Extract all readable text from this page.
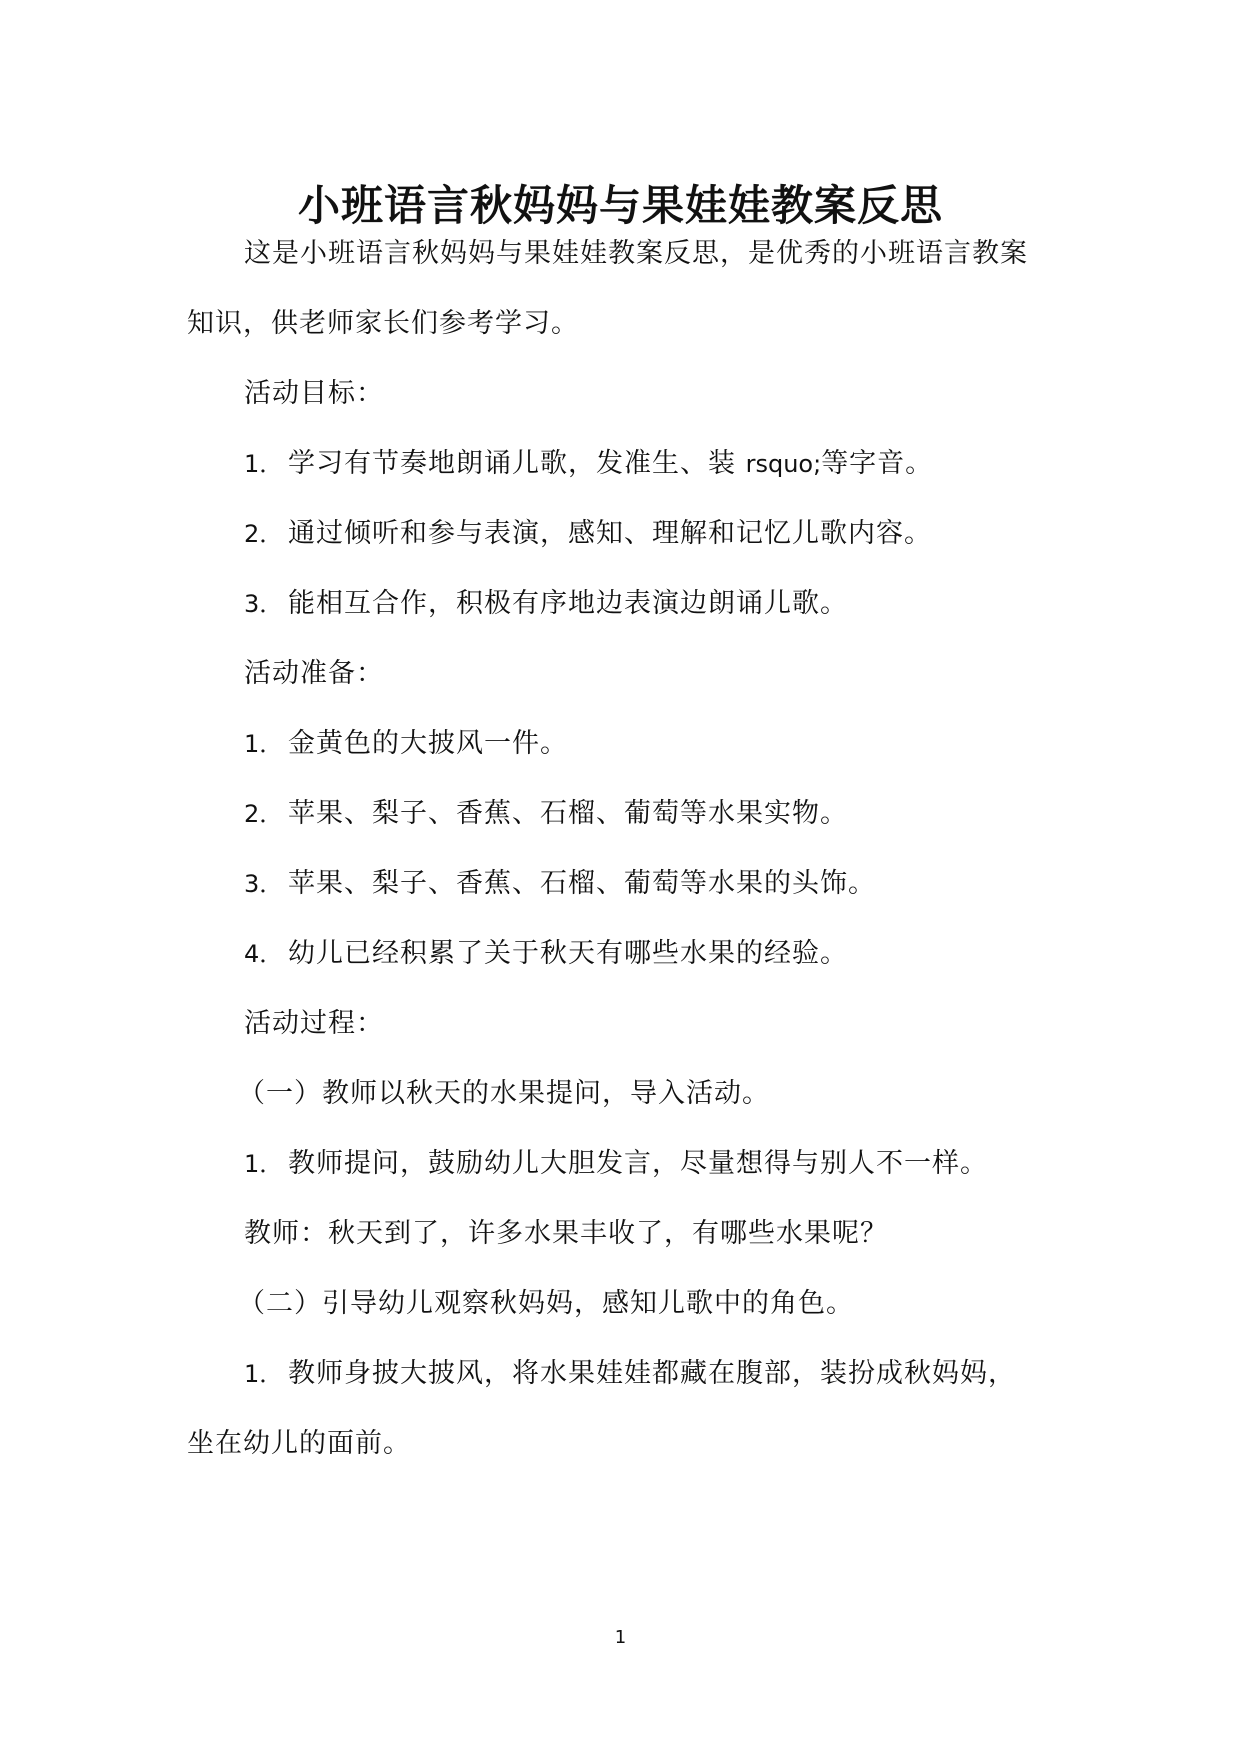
小班语言秋妈妈与果娃娃教案反思

这是小班语言秋妈妈与果娃娃教案反思，是优秀的小班语言教案

知识，供老师家长们参考学习。

活动目标：

1． 学习有节奏地朗诵儿歌，发准生、装 rsquo;等字音。

2． 通过倾听和参与表演，感知、理解和记忆儿歌内容。

3． 能相互合作，积极有序地边表演边朗诵儿歌。

活动准备：

1． 金黄色的大披风一件。

2． 苹果、梨子、香蕉、石榴、葡萄等水果实物。

3． 苹果、梨子、香蕉、石榴、葡萄等水果的头饰。

4． 幼儿已经积累了关于秋天有哪些水果的经验。

活动过程：

（一）教师以秋天的水果提问，导入活动。

1． 教师提问，鼓励幼儿大胆发言，尽量想得与别人不一样。

教师：秋天到了，许多水果丰收了，有哪些水果呢？

（二）引导幼儿观察秋妈妈，感知儿歌中的角色。

1． 教师身披大披风，将水果娃娃都藏在腹部，装扮成秋妈妈，

坐在幼儿的面前。

1
